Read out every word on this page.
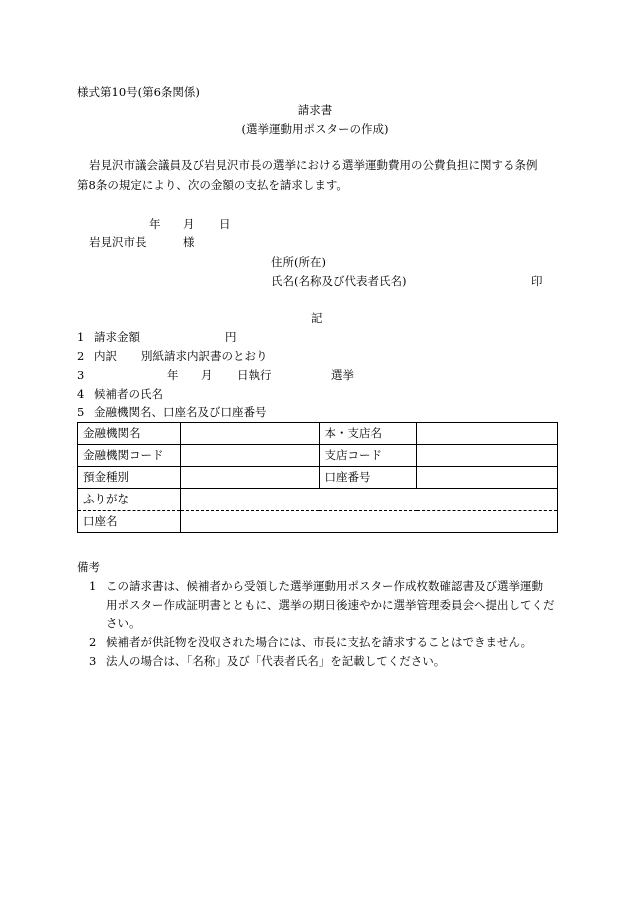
様式第10号(第6条関係)
請求書
(選挙運動用ポスターの作成)
岩見沢市議会議員及び岩見沢市長の選挙における選挙運動費用の公費負担に関する条例
第8条の規定により、次の金額の支払を請求します。
年 月 日
岩見沢市長	様
住所(所在)
氏名(名称及び代表者氏名)	印
記
1 請求金額	円
2 内訳 別紙請求内訳書のとおり
3	年 月 日執行	選挙
4 候補者の氏名
5 金融機関名、口座名及び口座番号
金融機関名		本・支店名	
金融機関コード		支店コード	
預金種別		口座番号	
ふりがな			
口座名			
備考
1 この請求書は、候補者から受領した選挙運動用ポスター作成枚数確認書及び選挙運動
用ポスター作成証明書とともに、選挙の期日後速やかに選挙管理委員会へ提出してくだ
さい。
2 候補者が供託物を没収された場合には、市長に支払を請求することはできません。
3 法人の場合は、「名称」及び「代表者氏名」を記載してください。
